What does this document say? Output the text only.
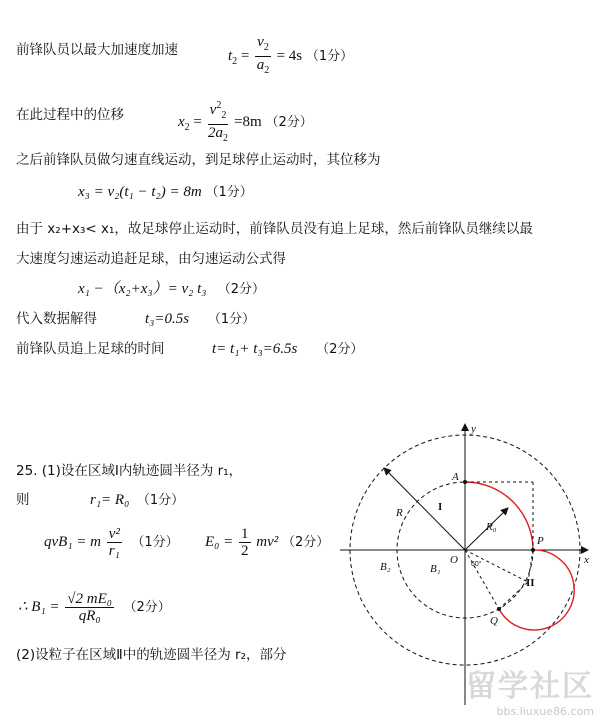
前锋队员以最大加速度加速	$t_2 = \frac{v_2}{a_2} = 4s$ （1分）
在此过程中的位移	$x_2 = \frac{v^2_2}{2a_2} =8m$ （2分）
之后前锋队员做匀速直线运动，到足球停止运动时，其位移为
x₃ = v₂(t₁ − t₂) = 8m （1分）
由于 x₂+x₃< x₁，故足球停止运动时，前锋队员没有追上足球，然后前锋队员继续以最
大速度匀速运动追赶足球，由匀速运动公式得
x₁ −（x₂+x₃）= v₂ t₃ （2分）
代入数据解得	t₃=0.5s （1分）
前锋队员追上足球的时间	t= t₁+ t₃=6.5s （2分）
25. (1)设在区域Ⅰ内轨迹圆半径为 r₁，
则	r₁= R₀ （1分）
qvB₁ = m $\frac{\text{v²}}{\text{r₁}} (1$分） $E_0 = \frac{1}{2} mv^2$ （2分）
∴ $B_1 = \frac{\text{√2 mE₀}}{\text{qR₀}} (2$分）
(2)设粒子在区域Ⅱ中的轨迹圆半径为 r₂，部分
y
x
O
A
P
Q
R
R₀
B₂	B₁
I
II
60°
留学社区
bbs.liuxue86.com
